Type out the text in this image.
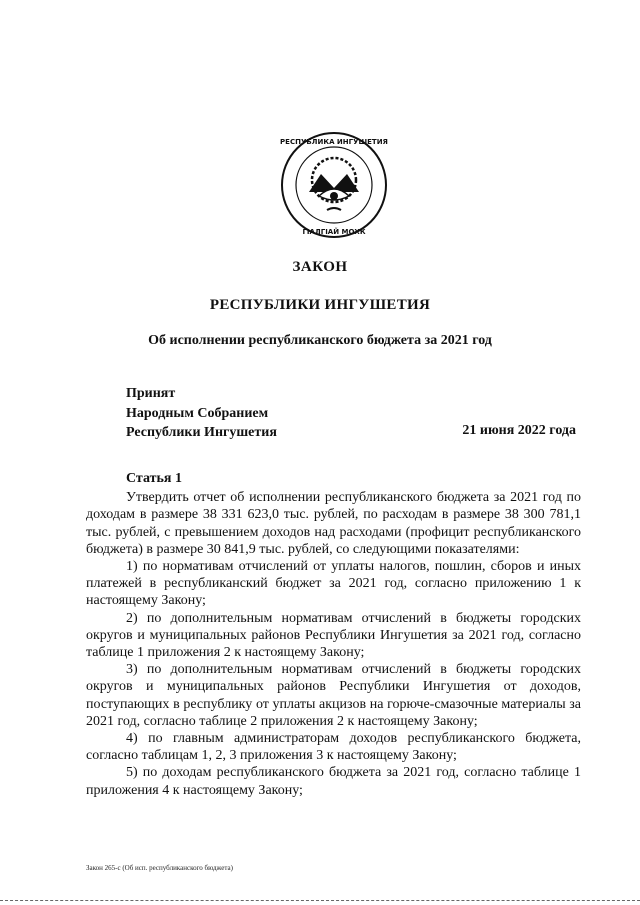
РЕСПУБЛИКА ИНГУШЕТИЯ
ГIАЛГIАЙ МОХК
ЗАКОН
РЕСПУБЛИКИ ИНГУШЕТИЯ
Об исполнении республиканского бюджета за 2021 год
Принят
Народным Собранием
Республики Ингушетия	21 июня 2022 года
Статья 1

Утвердить отчет об исполнении республиканского бюджета за 2021 год по доходам в размере 38 331 623,0 тыс. рублей, по расходам в размере 38 300 781,1 тыс. рублей, с превышением доходов над расходами (профицит республиканского бюджета) в размере 30 841,9 тыс. рублей, со следующими показателями:

1) по нормативам отчислений от уплаты налогов, пошлин, сборов и иных платежей в республиканский бюджет за 2021 год, согласно приложению 1 к настоящему Закону;

2) по дополнительным нормативам отчислений в бюджеты городских округов и муниципальных районов Республики Ингушетия за 2021 год, согласно таблице 1 приложения 2 к настоящему Закону;

3) по дополнительным нормативам отчислений в бюджеты городских округов и муниципальных районов Республики Ингушетия от доходов, поступающих в республику от уплаты акцизов на горюче-смазочные материалы за 2021 год, согласно таблице 2 приложения 2 к настоящему Закону;

4) по главным администраторам доходов республиканского бюджета, согласно таблицам 1, 2, 3 приложения 3 к настоящему Закону;

5) по доходам республиканского бюджета за 2021 год, согласно таблице 1 приложения 4 к настоящему Закону;

Закон 265-с (Об исп. республиканского бюджета)
